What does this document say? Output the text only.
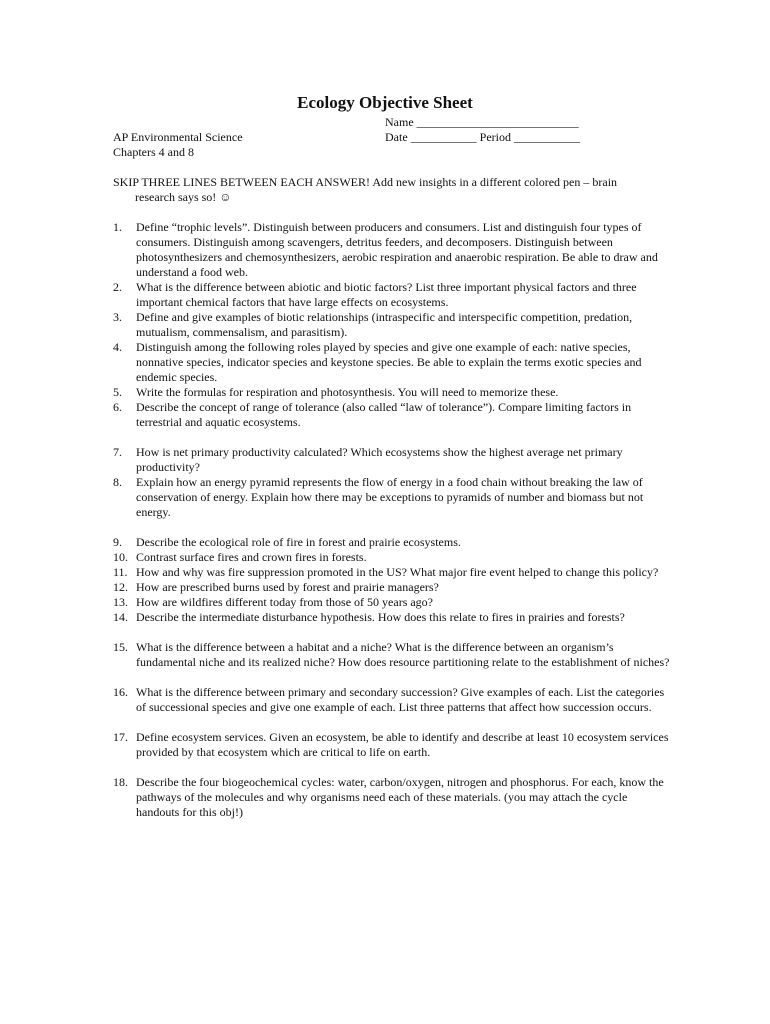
Ecology Objective Sheet
Name ___________________________
Date ___________ Period ___________
AP Environmental Science
Chapters 4 and 8
SKIP THREE LINES BETWEEN EACH ANSWER! Add new insights in a different colored pen – brain
research says so! ☺
1.	Define “trophic levels”. Distinguish between producers and consumers. List and distinguish four types of consumers. Distinguish among scavengers, detritus feeders, and decomposers. Distinguish between photosynthesizers and chemosynthesizers, aerobic respiration and anaerobic respiration. Be able to draw and understand a food web.
2.	What is the difference between abiotic and biotic factors? List three important physical factors and three important chemical factors that have large effects on ecosystems.
3.	Define and give examples of biotic relationships (intraspecific and interspecific competition, predation, mutualism, commensalism, and parasitism).
4.	Distinguish among the following roles played by species and give one example of each: native species, nonnative species, indicator species and keystone species. Be able to explain the terms exotic species and endemic species.
5.	Write the formulas for respiration and photosynthesis. You will need to memorize these.
6.	Describe the concept of range of tolerance (also called “law of tolerance”). Compare limiting factors in terrestrial and aquatic ecosystems.
7.	How is net primary productivity calculated? Which ecosystems show the highest average net primary productivity?
8.	Explain how an energy pyramid represents the flow of energy in a food chain without breaking the law of conservation of energy. Explain how there may be exceptions to pyramids of number and biomass but not energy.
9.	Describe the ecological role of fire in forest and prairie ecosystems.
10. Contrast surface fires and crown fires in forests.
11. How and why was fire suppression promoted in the US? What major fire event helped to change this policy?
12. How are prescribed burns used by forest and prairie managers?
13. How are wildfires different today from those of 50 years ago?
14. Describe the intermediate disturbance hypothesis. How does this relate to fires in prairies and forests?
15. What is the difference between a habitat and a niche? What is the difference between an organism’s fundamental niche and its realized niche? How does resource partitioning relate to the establishment of niches?
16. What is the difference between primary and secondary succession? Give examples of each. List the categories of successional species and give one example of each. List three patterns that affect how succession occurs.
17. Define ecosystem services. Given an ecosystem, be able to identify and describe at least 10 ecosystem services provided by that ecosystem which are critical to life on earth.
18. Describe the four biogeochemical cycles: water, carbon/oxygen, nitrogen and phosphorus. For each, know the pathways of the molecules and why organisms need each of these materials. (you may attach the cycle handouts for this obj!)
